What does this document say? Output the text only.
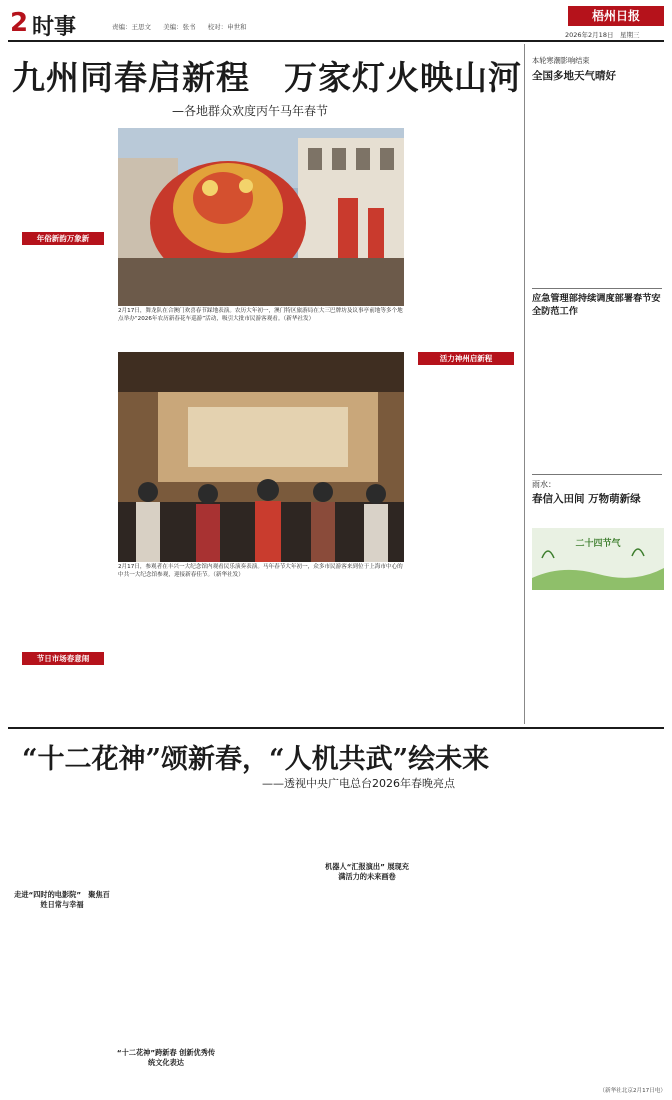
2 时事	责编：王思文 美编：张书 校对：申世和
梧州日报
2026年2月18日　星期三
九州同春启新程　万家灯火映山河
—各地群众欢度丙午马年春节
年俗新韵万象新
节日市场春意闹
2月17日，舞龙队在合澳门欢喜春节踩地表演。农历大年初一，澳门特区旅游局在大三巴牌坊及议事亭前地等多个地点举办“2026年农历新春花车巡游”活动，吸引大批市民游客观看。（新华社发）
2月17日，参观者在丰兴一大纪念馆内观看民乐演奏表演。马年春节大年初一，众多市民游客来到位于上海市中心的中共一大纪念馆参观，迎接新春佳节。（新华社发）
活力神州启新程
本轮寒潮影响结束
全国多地天气晴好
应急管理部持续调度部署春节安全防范工作
雨水：
春信入田间 万物萌新绿
二十四节气
“十二花神”颂新春，“人机共武”绘未来
——透视中央广电总台2026年春晚亮点
走进“四时的电影院”　聚焦百姓日常与幸福
“十二花神”跨新春 创新优秀传统文化表达
机器人“汇报演出” 展现充满活力的未来画卷
（新华社北京2月17日电）
